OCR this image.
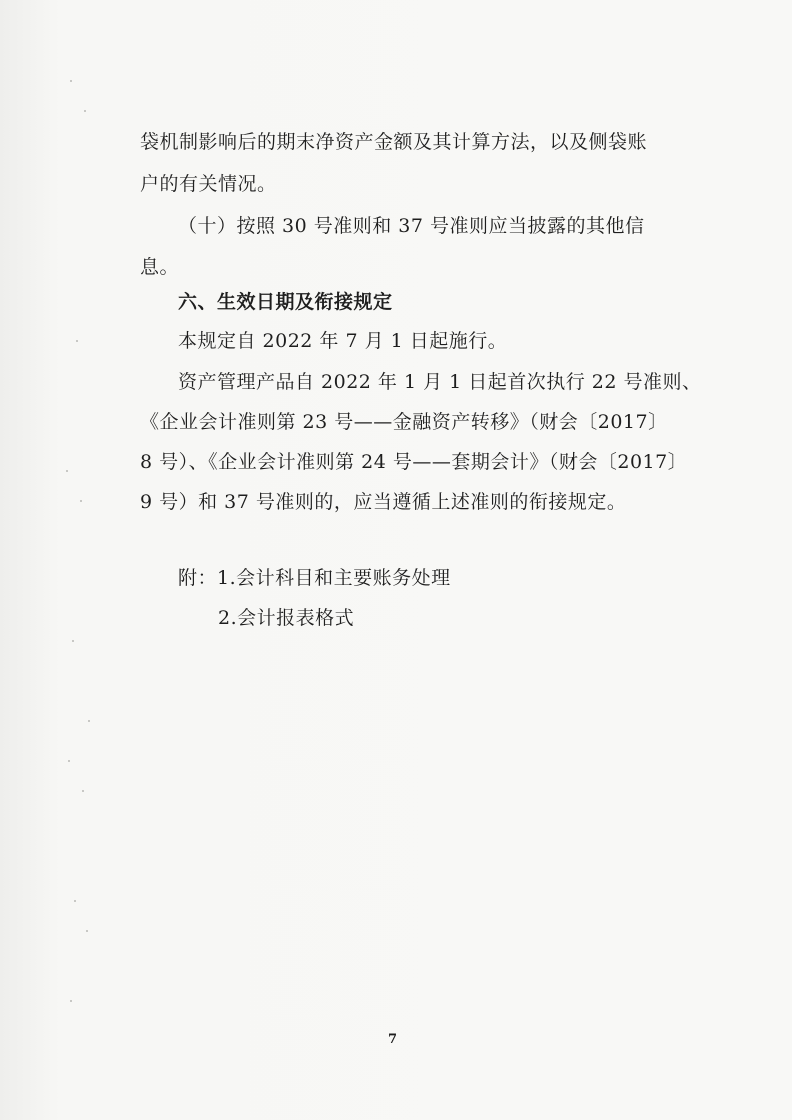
袋机制影响后的期末净资产金额及其计算方法，以及侧袋账
户的有关情况。
（十）按照 30 号准则和 37 号准则应当披露的其他信
息。
六、生效日期及衔接规定
本规定自 2022 年 7 月 1 日起施行。
资产管理产品自 2022 年 1 月 1 日起首次执行 22 号准则、
《企业会计准则第 23 号——金融资产转移》（财会〔2017〕
8 号）、《企业会计准则第 24 号——套期会计》（财会〔2017〕
9 号）和 37 号准则的，应当遵循上述准则的衔接规定。
附：1.会计科目和主要账务处理
2.会计报表格式
7
